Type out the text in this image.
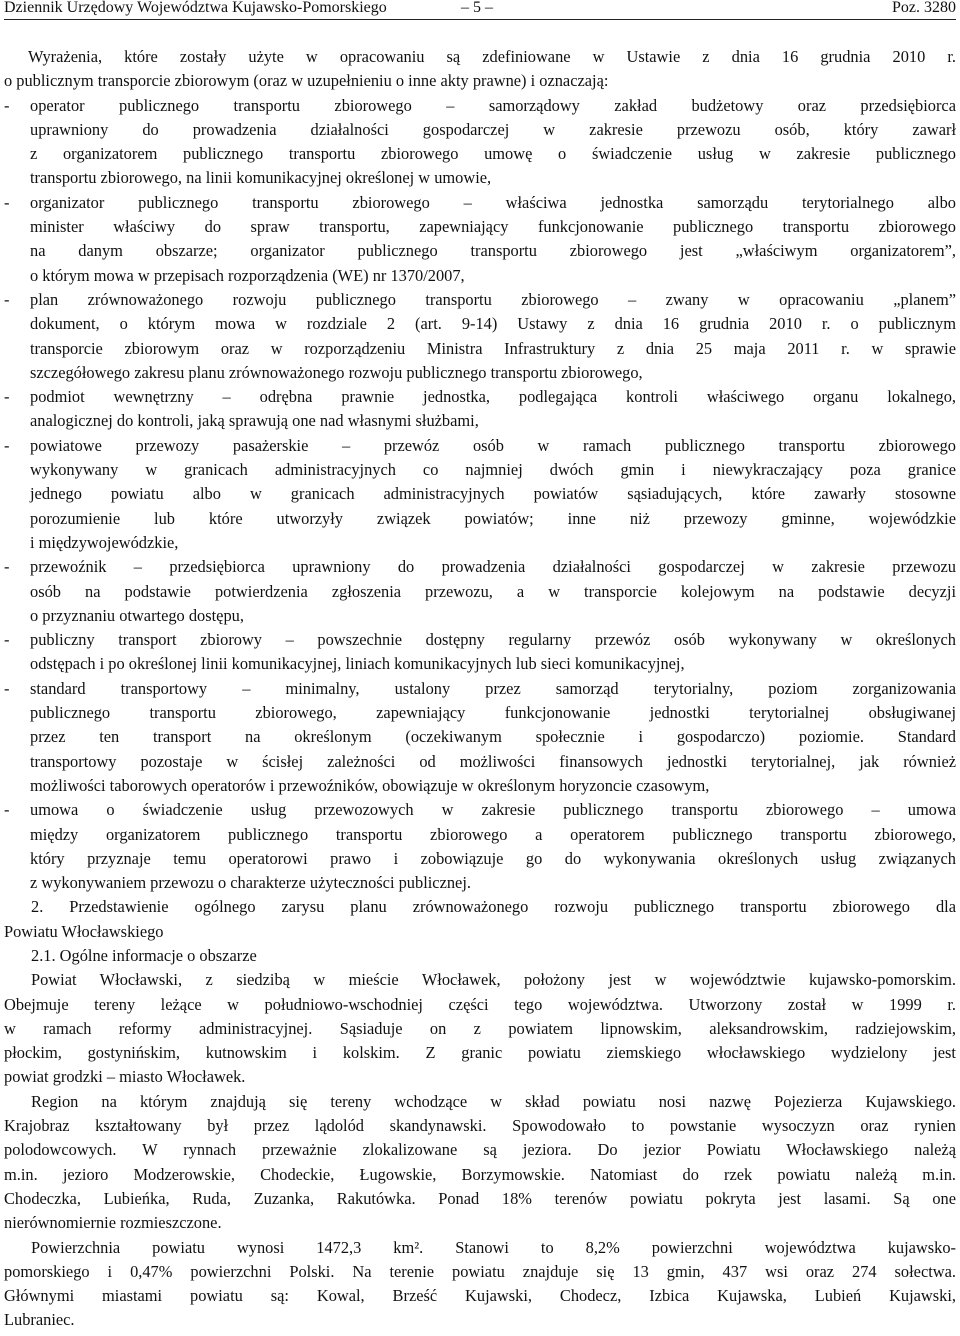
Dziennik Urzędowy Województwa Kujawsko-Pomorskiego	– 5 –	Poz. 3280
Wyrażenia, które zostały użyte w opracowaniu są zdefiniowane w Ustawie z dnia 16 grudnia 2010 r.
o publicznym transporcie zbiorowym (oraz w uzupełnieniu o inne akty prawne) i oznaczają:
- operator publicznego transportu zbiorowego – samorządowy zakład budżetowy oraz przedsiębiorca
uprawniony do prowadzenia działalności gospodarczej w zakresie przewozu osób, który zawarł
z organizatorem publicznego transportu zbiorowego umowę o świadczenie usług w zakresie publicznego
transportu zbiorowego, na linii komunikacyjnej określonej w umowie,
- organizator publicznego transportu zbiorowego – właściwa jednostka samorządu terytorialnego albo
minister właściwy do spraw transportu, zapewniający funkcjonowanie publicznego transportu zbiorowego
na danym obszarze; organizator publicznego transportu zbiorowego jest „właściwym organizatorem”,
o którym mowa w przepisach rozporządzenia (WE) nr 1370/2007,
- plan zrównoważonego rozwoju publicznego transportu zbiorowego – zwany w opracowaniu „planem”
dokument, o którym mowa w rozdziale 2 (art. 9-14) Ustawy z dnia 16 grudnia 2010 r. o publicznym
transporcie zbiorowym oraz w rozporządzeniu Ministra Infrastruktury z dnia 25 maja 2011 r. w sprawie
szczegółowego zakresu planu zrównoważonego rozwoju publicznego transportu zbiorowego,
- podmiot wewnętrzny – odrębna prawnie jednostka, podlegająca kontroli właściwego organu lokalnego,
analogicznej do kontroli, jaką sprawują one nad własnymi służbami,
- powiatowe przewozy pasażerskie – przewóz osób w ramach publicznego transportu zbiorowego
wykonywany w granicach administracyjnych co najmniej dwóch gmin i niewykraczający poza granice
jednego powiatu albo w granicach administracyjnych powiatów sąsiadujących, które zawarły stosowne
porozumienie lub które utworzyły związek powiatów; inne niż przewozy gminne, wojewódzkie
i międzywojewódzkie,
- przewoźnik – przedsiębiorca uprawniony do prowadzenia działalności gospodarczej w zakresie przewozu
osób na podstawie potwierdzenia zgłoszenia przewozu, a w transporcie kolejowym na podstawie decyzji
o przyznaniu otwartego dostępu,
- publiczny transport zbiorowy – powszechnie dostępny regularny przewóz osób wykonywany w określonych
odstępach i po określonej linii komunikacyjnej, liniach komunikacyjnych lub sieci komunikacyjnej,
- standard transportowy – minimalny, ustalony przez samorząd terytorialny, poziom zorganizowania
publicznego transportu zbiorowego, zapewniający funkcjonowanie jednostki terytorialnej obsługiwanej
przez ten transport na określonym (oczekiwanym społecznie i gospodarczo) poziomie. Standard
transportowy pozostaje w ścisłej zależności od możliwości finansowych jednostki terytorialnej, jak również
możliwości taborowych operatorów i przewoźników, obowiązuje w określonym horyzoncie czasowym,
- umowa o świadczenie usług przewozowych w zakresie publicznego transportu zbiorowego – umowa
między organizatorem publicznego transportu zbiorowego a operatorem publicznego transportu zbiorowego,
który przyznaje temu operatorowi prawo i zobowiązuje go do wykonywania określonych usług związanych
z wykonywaniem przewozu o charakterze użyteczności publicznej.
2. Przedstawienie ogólnego zarysu planu zrównoważonego rozwoju publicznego transportu zbiorowego dla
Powiatu Włocławskiego
2.1. Ogólne informacje o obszarze
Powiat Włocławski, z siedzibą w mieście Włocławek, położony jest w województwie kujawsko-pomorskim.
Obejmuje tereny leżące w południowo-wschodniej części tego województwa. Utworzony został w 1999 r.
w ramach reformy administracyjnej. Sąsiaduje on z powiatem lipnowskim, aleksandrowskim, radziejowskim,
płockim, gostynińskim, kutnowskim i kolskim. Z granic powiatu ziemskiego włocławskiego wydzielony jest
powiat grodzki – miasto Włocławek.
Region na którym znajdują się tereny wchodzące w skład powiatu nosi nazwę Pojezierza Kujawskiego.
Krajobraz kształtowany był przez lądolód skandynawski. Spowodowało to powstanie wysoczyzn oraz rynien
polodowcowych. W rynnach przeważnie zlokalizowane są jeziora. Do jezior Powiatu Włocławskiego należą
m.in. jezioro Modzerowskie, Chodeckie, Ługowskie, Borzymowskie. Natomiast do rzek powiatu należą m.in.
Chodeczka, Lubieńka, Ruda, Zuzanka, Rakutówka. Ponad 18% terenów powiatu pokryta jest lasami. Są one
nierównomiernie rozmieszczone.
Powierzchnia powiatu wynosi 1472,3 km². Stanowi to 8,2% powierzchni województwa kujawsko-
pomorskiego i 0,47% powierzchni Polski. Na terenie powiatu znajduje się 13 gmin, 437 wsi oraz 274 sołectwa.
Głównymi miastami powiatu są: Kowal, Brześć Kujawski, Chodecz, Izbica Kujawska, Lubień Kujawski,
Lubraniec.
